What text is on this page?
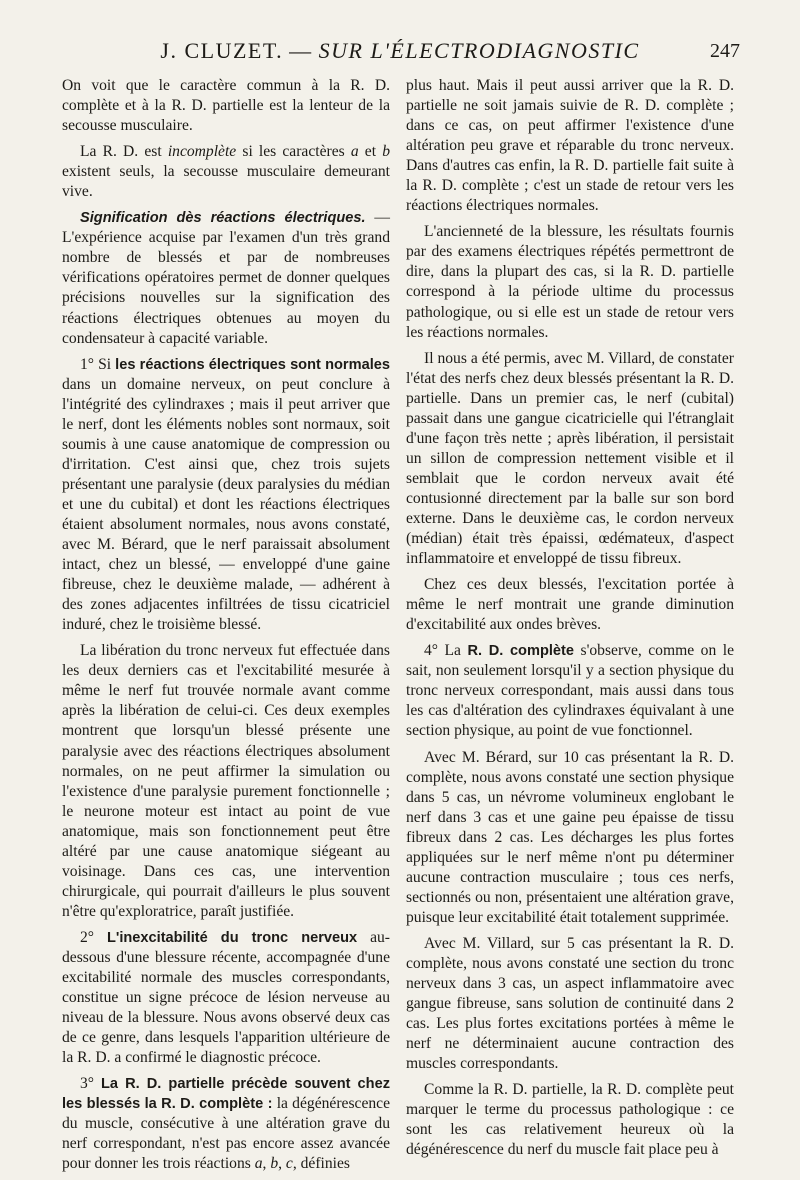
J. CLUZET. — SUR L'ÉLECTRODIAGNOSTIC	247

On voit que le caractère commun à la R. D. complète et à la R. D. partielle est la lenteur de la secousse musculaire.

La R. D. est incomplète si les caractères a et b existent seuls, la secousse musculaire demeurant vive.

Signification dès réactions électriques. — L'expérience acquise par l'examen d'un très grand nombre de blessés et par de nombreuses vérifications opératoires permet de donner quelques précisions nouvelles sur la signification des réactions électriques obtenues au moyen du condensateur à capacité variable.

1° Si les réactions électriques sont normales dans un domaine nerveux, on peut conclure à l'intégrité des cylindraxes ; mais il peut arriver que le nerf, dont les éléments nobles sont normaux, soit soumis à une cause anatomique de compression ou d'irritation. C'est ainsi que, chez trois sujets présentant une paralysie (deux paralysies du médian et une du cubital) et dont les réactions électriques étaient absolument normales, nous avons constaté, avec M. Bérard, que le nerf paraissait absolument intact, chez un blessé, — enveloppé d'une gaine fibreuse, chez le deuxième malade, — adhérent à des zones adjacentes infiltrées de tissu cicatriciel induré, chez le troisième blessé.

La libération du tronc nerveux fut effectuée dans les deux derniers cas et l'excitabilité mesurée à même le nerf fut trouvée normale avant comme après la libération de celui-ci. Ces deux exemples montrent que lorsqu'un blessé présente une paralysie avec des réactions électriques absolument normales, on ne peut affirmer la simulation ou l'existence d'une paralysie purement fonctionnelle ; le neurone moteur est intact au point de vue anatomique, mais son fonctionnement peut être altéré par une cause anatomique siégeant au voisinage. Dans ces cas, une intervention chirurgicale, qui pourrait d'ailleurs le plus souvent n'être qu'exploratrice, paraît justifiée.

2° L'inexcitabilité du tronc nerveux au-dessous d'une blessure récente, accompagnée d'une excitabilité normale des muscles correspondants, constitue un signe précoce de lésion nerveuse au niveau de la blessure. Nous avons observé deux cas de ce genre, dans lesquels l'apparition ultérieure de la R. D. a confirmé le diagnostic précoce.

3° La R. D. partielle précède souvent chez les blessés la R. D. complète : la dégénérescence du muscle, consécutive à une altération grave du nerf correspondant, n'est pas encore assez avancée pour donner les trois réactions a, b, c, définies

plus haut. Mais il peut aussi arriver que la R. D. partielle ne soit jamais suivie de R. D. complète ; dans ce cas, on peut affirmer l'existence d'une altération peu grave et réparable du tronc nerveux. Dans d'autres cas enfin, la R. D. partielle fait suite à la R. D. complète ; c'est un stade de retour vers les réactions électriques normales.

L'ancienneté de la blessure, les résultats fournis par des examens électriques répétés permettront de dire, dans la plupart des cas, si la R. D. partielle correspond à la période ultime du processus pathologique, ou si elle est un stade de retour vers les réactions normales.

Il nous a été permis, avec M. Villard, de constater l'état des nerfs chez deux blessés présentant la R. D. partielle. Dans un premier cas, le nerf (cubital) passait dans une gangue cicatricielle qui l'étranglait d'une façon très nette ; après libération, il persistait un sillon de compression nettement visible et il semblait que le cordon nerveux avait été contusionné directement par la balle sur son bord externe. Dans le deuxième cas, le cordon nerveux (médian) était très épaissi, œdémateux, d'aspect inflammatoire et enveloppé de tissu fibreux.

Chez ces deux blessés, l'excitation portée à même le nerf montrait une grande diminution d'excitabilité aux ondes brèves.

4° La R. D. complète s'observe, comme on le sait, non seulement lorsqu'il y a section physique du tronc nerveux correspondant, mais aussi dans tous les cas d'altération des cylindraxes équivalant à une section physique, au point de vue fonctionnel.

Avec M. Bérard, sur 10 cas présentant la R. D. complète, nous avons constaté une section physique dans 5 cas, un névrome volumineux englobant le nerf dans 3 cas et une gaine peu épaisse de tissu fibreux dans 2 cas. Les décharges les plus fortes appliquées sur le nerf même n'ont pu déterminer aucune contraction musculaire ; tous ces nerfs, sectionnés ou non, présentaient une altération grave, puisque leur excitabilité était totalement supprimée.

Avec M. Villard, sur 5 cas présentant la R. D. complète, nous avons constaté une section du tronc nerveux dans 3 cas, un aspect inflammatoire avec gangue fibreuse, sans solution de continuité dans 2 cas. Les plus fortes excitations portées à même le nerf ne déterminaient aucune contraction des muscles correspondants.

Comme la R. D. partielle, la R. D. complète peut marquer le terme du processus pathologique : ce sont les cas relativement heureux où la dégénérescence du nerf du muscle fait place peu à
